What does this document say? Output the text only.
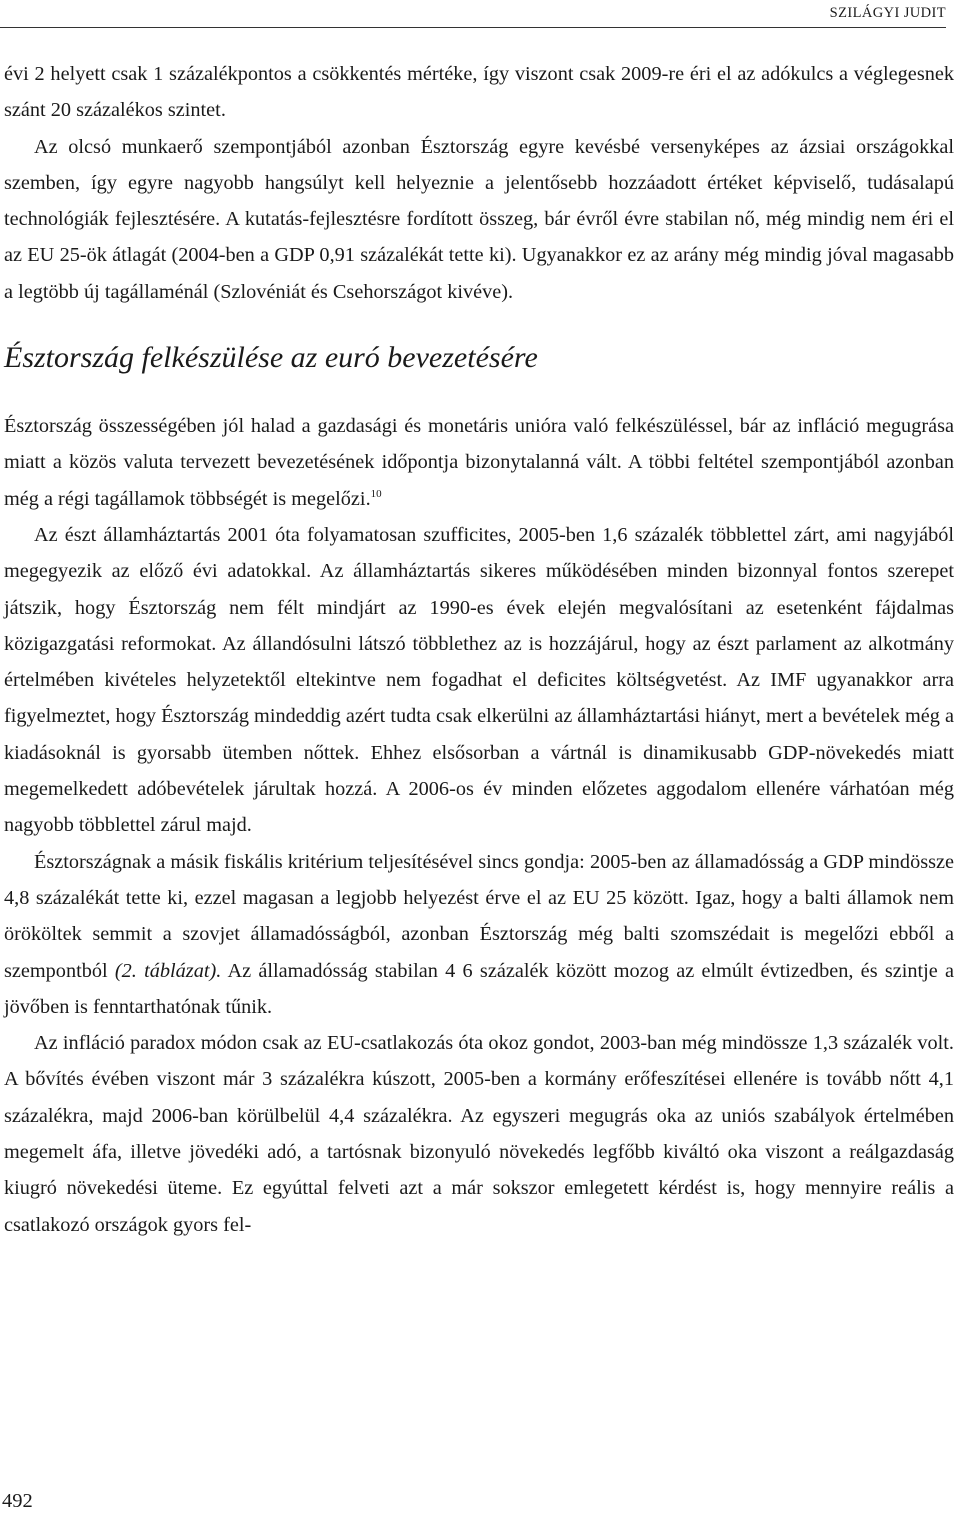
SZILÁGYI JUDIT

évi 2 helyett csak 1 százalékpontos a csökkentés mértéke, így viszont csak 2009-re éri el az adókulcs a véglegesnek szánt 20 százalékos szintet.

Az olcsó munkaerő szempontjából azonban Észtország egyre kevésbé versenyképes az ázsiai országokkal szemben, így egyre nagyobb hangsúlyt kell helyeznie a jelentősebb hozzáadott értéket képviselő, tudásalapú technológiák fejlesztésére. A kutatás-fejlesztésre fordított összeg, bár évről évre stabilan nő, még mindig nem éri el az EU 25-ök átlagát (2004-ben a GDP 0,91 százalékát tette ki). Ugyanakkor ez az arány még mindig jóval magasabb a legtöbb új tagállaménál (Szlovéniát és Csehországot kivéve).

Észtország felkészülése az euró bevezetésére

Észtország összességében jól halad a gazdasági és monetáris unióra való felkészüléssel, bár az infláció megugrása miatt a közös valuta tervezett bevezetésének időpontja bizonytalanná vált. A többi feltétel szempontjából azonban még a régi tagállamok többségét is megelőzi.$^{10}$

Az észt államháztartás 2001 óta folyamatosan szufficites, 2005-ben 1,6 százalék többlettel zárt, ami nagyjából megegyezik az előző évi adatokkal. Az államháztartás sikeres működésében minden bizonnyal fontos szerepet játszik, hogy Észtország nem félt mindjárt az 1990-es évek elején megvalósítani az esetenként fájdalmas közigazgatási reformokat. Az állandósulni látszó többlethez az is hozzájárul, hogy az észt parlament az alkotmány értelmében kivételes helyzetektől eltekintve nem fogadhat el deficites költségvetést. Az IMF ugyanakkor arra figyelmeztet, hogy Észtország mindeddig azért tudta csak elkerülni az államháztartási hiányt, mert a bevételek még a kiadásoknál is gyorsabb ütemben nőttek. Ehhez elsősorban a vártnál is dinamikusabb GDP-növekedés miatt megemelkedett adóbevételek járultak hozzá. A 2006-os év minden előzetes aggodalom ellenére várhatóan még nagyobb többlettel zárul majd.

Észtországnak a másik fiskális kritérium teljesítésével sincs gondja: 2005-ben az államadósság a GDP mindössze 4,8 százalékát tette ki, ezzel magasan a legjobb helyezést érve el az EU 25 között. Igaz, hogy a balti államok nem örököltek semmit a szovjet államadósságból, azonban Észtország még balti szomszédait is megelőzi ebből a szempontból (2. táblázat). Az államadósság stabilan 4 6 százalék között mozog az elmúlt évtizedben, és szintje a jövőben is fenntarthatónak tűnik.

Az infláció paradox módon csak az EU-csatlakozás óta okoz gondot, 2003-ban még mindössze 1,3 százalék volt. A bővítés évében viszont már 3 százalékra kúszott, 2005-ben a kormány erőfeszítései ellenére is tovább nőtt 4,1 százalékra, majd 2006-ban körülbelül 4,4 százalékra. Az egyszeri megugrás oka az uniós szabályok értelmében megemelt áfa, illetve jövedéki adó, a tartósnak bizonyuló növekedés legfőbb kiváltó oka viszont a reálgazdaság kiugró növekedési üteme. Ez egyúttal felveti azt a már sokszor emlegetett kérdést is, hogy mennyire reális a csatlakozó országok gyors fel-

492
